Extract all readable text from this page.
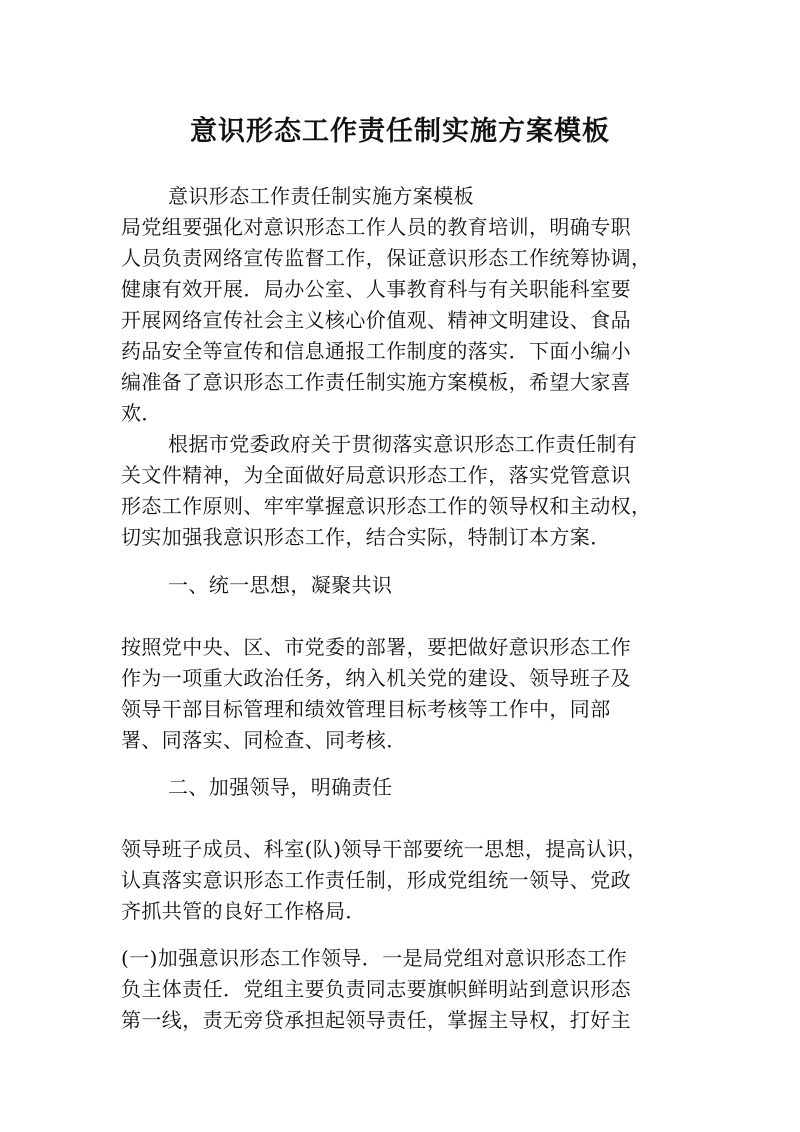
意识形态工作责任制实施方案模板

意识形态工作责任制实施方案模板

局党组要强化对意识形态工作人员的教育培训，明确专职
人员负责网络宣传监督工作，保证意识形态工作统筹协调，
健康有效开展．局办公室、人事教育科与有关职能科室要
开展网络宣传社会主义核心价值观、精神文明建设、食品
药品安全等宣传和信息通报工作制度的落实．下面小编小
编准备了意识形态工作责任制实施方案模板，希望大家喜
欢．

根据市党委政府关于贯彻落实意识形态工作责任制有
关文件精神，为全面做好局意识形态工作，落实党管意识
形态工作原则、牢牢掌握意识形态工作的领导权和主动权，
切实加强我意识形态工作，结合实际，特制订本方案．

一、统一思想，凝聚共识

按照党中央、区、市党委的部署，要把做好意识形态工作
作为一项重大政治任务，纳入机关党的建设、领导班子及
领导干部目标管理和绩效管理目标考核等工作中，同部
署、同落实、同检查、同考核．

二、加强领导，明确责任

领导班子成员、科室(队)领导干部要统一思想，提高认识，
认真落实意识形态工作责任制，形成党组统一领导、党政
齐抓共管的良好工作格局．

(一)加强意识形态工作领导．一是局党组对意识形态工作
负主体责任．党组主要负责同志要旗帜鲜明站到意识形态
第一线，责无旁贷承担起领导责任，掌握主导权，打好主
